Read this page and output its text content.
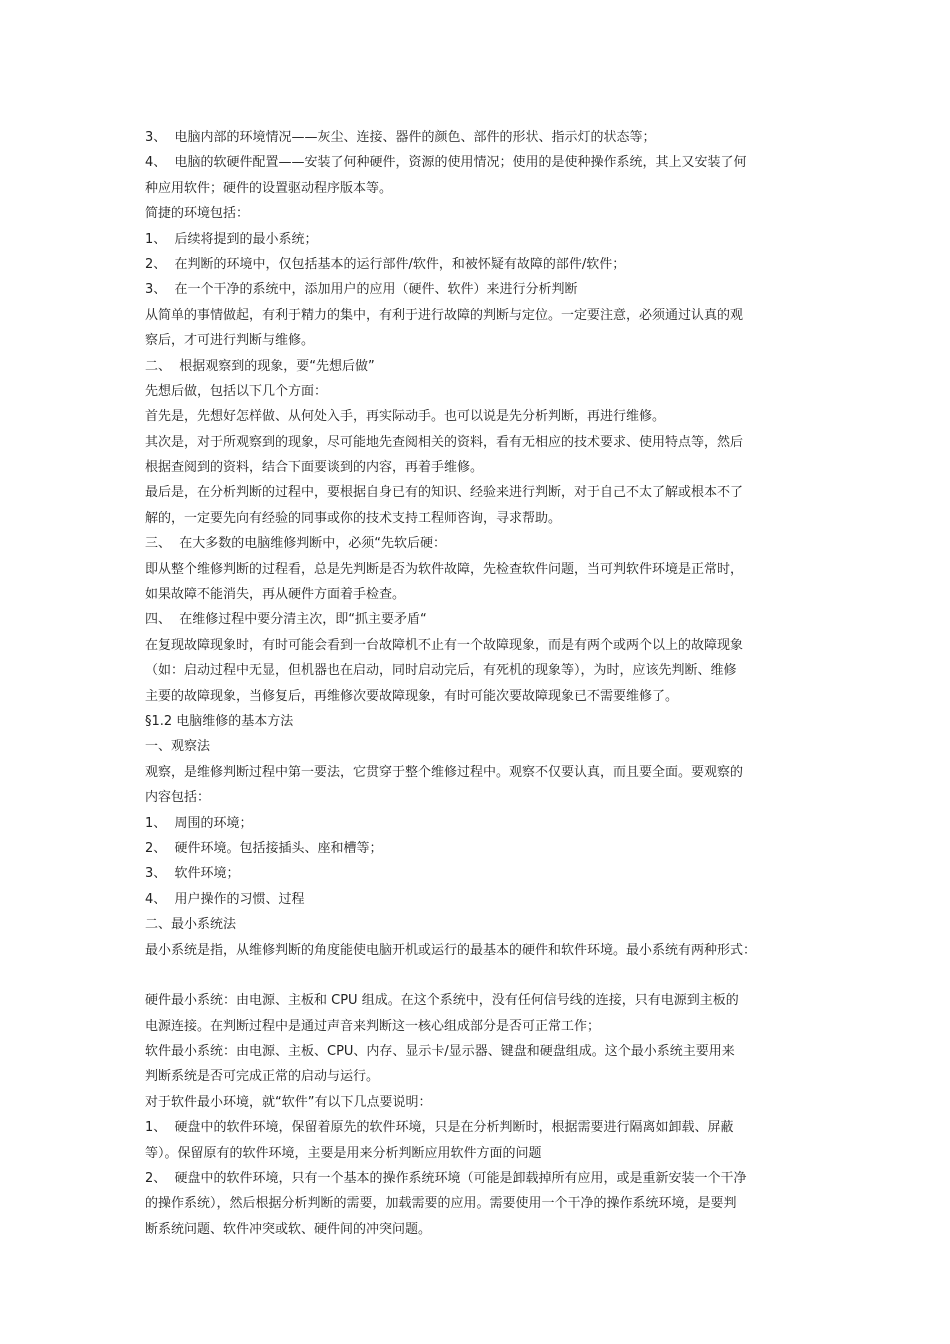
3、  电脑内部的环境情况——灰尘、连接、器件的颜色、部件的形状、指示灯的状态等；
4、  电脑的软硬件配置——安装了何种硬件，资源的使用情况；使用的是使种操作系统，其上又安装了何
种应用软件；硬件的设置驱动程序版本等。
简捷的环境包括：
1、  后续将提到的最小系统；
2、  在判断的环境中，仅包括基本的运行部件/软件，和被怀疑有故障的部件/软件；
3、  在一个干净的系统中，添加用户的应用（硬件、软件）来进行分析判断
从简单的事情做起，有利于精力的集中，有利于进行故障的判断与定位。一定要注意，必须通过认真的观
察后，才可进行判断与维修。
二、  根据观察到的现象，要“先想后做”
先想后做，包括以下几个方面：
首先是，先想好怎样做、从何处入手，再实际动手。也可以说是先分析判断，再进行维修。
其次是，对于所观察到的现象，尽可能地先查阅相关的资料，看有无相应的技术要求、使用特点等，然后
根据查阅到的资料，结合下面要谈到的内容，再着手维修。
最后是，在分析判断的过程中，要根据自身已有的知识、经验来进行判断，对于自己不太了解或根本不了
解的，一定要先向有经验的同事或你的技术支持工程师咨询，寻求帮助。
三、  在大多数的电脑维修判断中，必须“先软后硬：
即从整个维修判断的过程看，总是先判断是否为软件故障，先检查软件问题，当可判软件环境是正常时，
如果故障不能消失，再从硬件方面着手检查。
四、  在维修过程中要分清主次，即“抓主要矛盾“
在复现故障现象时，有时可能会看到一台故障机不止有一个故障现象，而是有两个或两个以上的故障现象
（如：启动过程中无显，但机器也在启动，同时启动完后，有死机的现象等），为时，应该先判断、维修
主要的故障现象，当修复后，再维修次要故障现象，有时可能次要故障现象已不需要维修了。
§1.2 电脑维修的基本方法
一、观察法
观察，是维修判断过程中第一要法，它贯穿于整个维修过程中。观察不仅要认真，而且要全面。要观察的
内容包括：
1、  周围的环境；
2、  硬件环境。包括接插头、座和槽等；
3、  软件环境；
4、  用户操作的习惯、过程
二、最小系统法
最小系统是指，从维修判断的角度能使电脑开机或运行的最基本的硬件和软件环境。最小系统有两种形式：
硬件最小系统：由电源、主板和 CPU 组成。在这个系统中，没有任何信号线的连接，只有电源到主板的
电源连接。在判断过程中是通过声音来判断这一核心组成部分是否可正常工作；
软件最小系统：由电源、主板、CPU、内存、显示卡/显示器、键盘和硬盘组成。这个最小系统主要用来
判断系统是否可完成正常的启动与运行。
对于软件最小环境，就“软件”有以下几点要说明：
1、  硬盘中的软件环境，保留着原先的软件环境，只是在分析判断时，根据需要进行隔离如卸载、屏蔽
等）。保留原有的软件环境，主要是用来分析判断应用软件方面的问题
2、  硬盘中的软件环境，只有一个基本的操作系统环境（可能是卸载掉所有应用，或是重新安装一个干净
的操作系统），然后根据分析判断的需要，加载需要的应用。需要使用一个干净的操作系统环境，是要判
断系统问题、软件冲突或软、硬件间的冲突问题。
